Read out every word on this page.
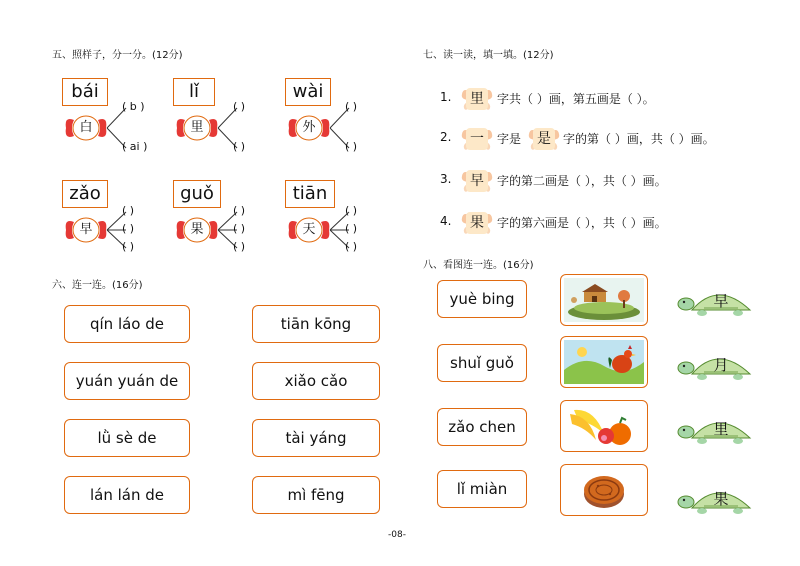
五、照样子，分一分。(12分)
bái
白
( b )
( ai )
lǐ
里
( )
( )
wài
外
( )
( )
zǎo
早
( )
( )
( )
guǒ
果
( )
( )
( )
tiān
天
( )
( )
( )
六、连一连。(16分)
qín láo de
yuán yuán de
lǜ sè de
lán lán de
tiān kōng
xiǎo cǎo
tài yáng
mì fēng
七、读一读，填一填。(12分)
1.	里	字共（ ）画，第五画是（ ）。
2.	一	字是	是	字的第（ ）画，共（ ）画。
3.	早	字的第二画是（ ），共（ ）画。
4.	果	字的第六画是（ ），共（ ）画。
八、看图连一连。(16分)
yuè bing
shuǐ guǒ
zǎo chen
lǐ miàn
早
月
里
果
-08-
